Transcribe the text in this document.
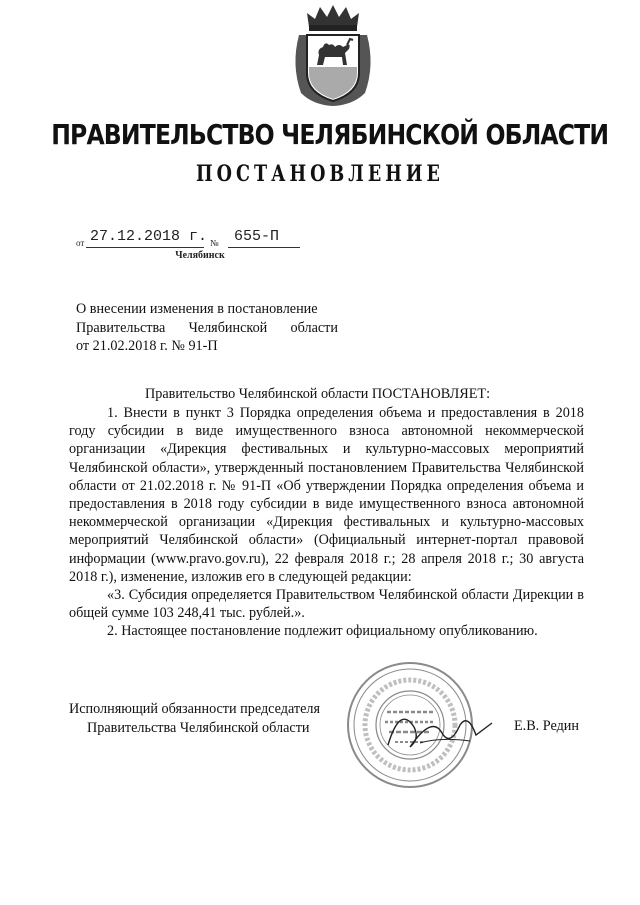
ПРАВИТЕЛЬСТВО ЧЕЛЯБИНСКОЙ ОБЛАСТИ
ПОСТАНОВЛЕНИЕ
от 27.12.2018 г. № 655-П
Челябинск
О внесении изменения в постановление
Правительства Челябинской области
от 21.02.2018 г. № 91-П
Правительство Челябинской области ПОСТАНОВЛЯЕТ:

1. Внести в пункт 3 Порядка определения объема и предоставления в 2018 году субсидии в виде имущественного взноса автономной некоммерческой организации «Дирекция фестивальных и культурно-массовых мероприятий Челябинской области», утвержденный постановлением Правительства Челябинской области от 21.02.2018 г. № 91-П «Об утверждении Порядка определения объема и предоставления в 2018 году субсидии в виде имущественного взноса автономной некоммерческой организации «Дирекция фестивальных и культурно-массовых мероприятий Челябинской области» (Официальный интернет-портал правовой информации (www.pravo.gov.ru), 22 февраля 2018 г.; 28 апреля 2018 г.; 30 августа 2018 г.), изменение, изложив его в следующей редакции:

«3. Субсидия определяется Правительством Челябинской области Дирекции в общей сумме 103 248,41 тыс. рублей.».

2. Настоящее постановление подлежит официальному опубликованию.

Исполняющий обязанности председателя
Правительства Челябинской области	Е.В. Редин
